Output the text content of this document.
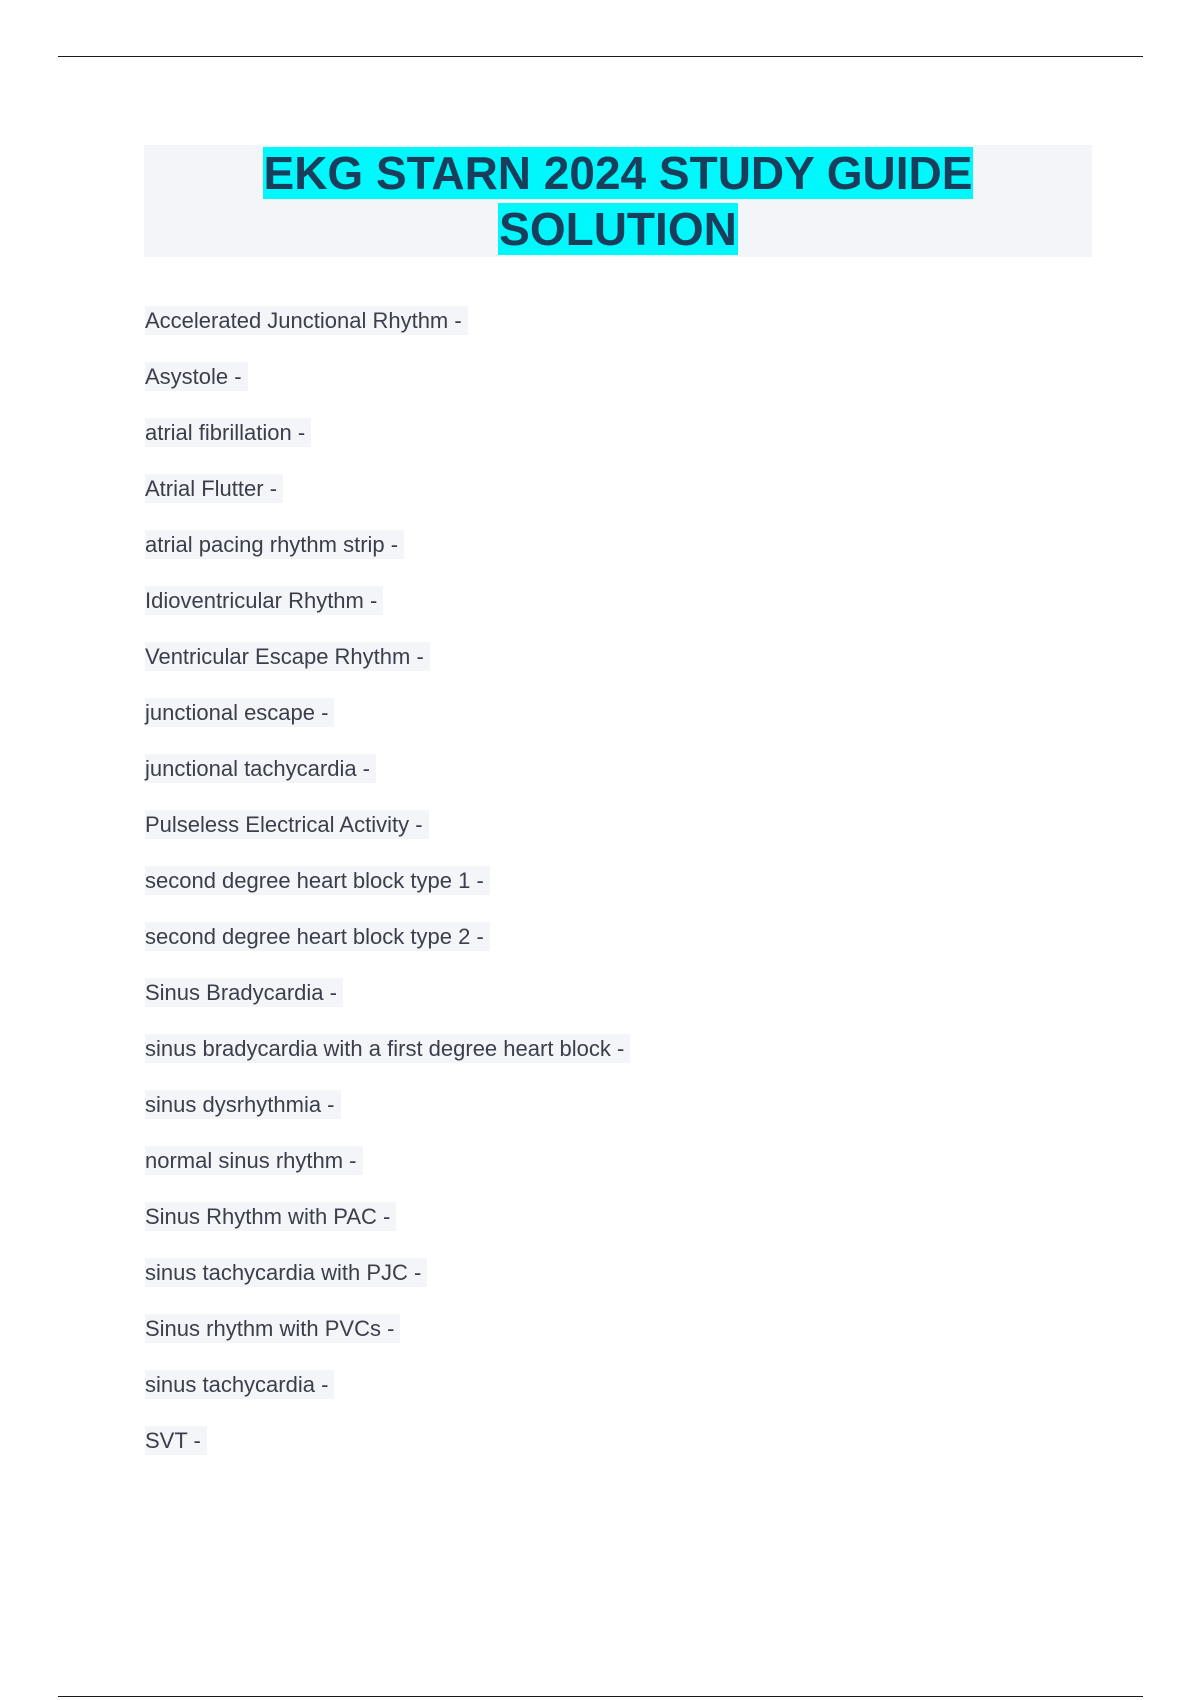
EKG STARN 2024 STUDY GUIDE
SOLUTION
Accelerated Junctional Rhythm -
Asystole -
atrial fibrillation -
Atrial Flutter -
atrial pacing rhythm strip -
Idioventricular Rhythm -
Ventricular Escape Rhythm -
junctional escape -
junctional tachycardia -
Pulseless Electrical Activity -
second degree heart block type 1 -
second degree heart block type 2 -
Sinus Bradycardia -
sinus bradycardia with a first degree heart block -
sinus dysrhythmia -
normal sinus rhythm -
Sinus Rhythm with PAC -
sinus tachycardia with PJC -
Sinus rhythm with PVCs -
sinus tachycardia -
SVT -
